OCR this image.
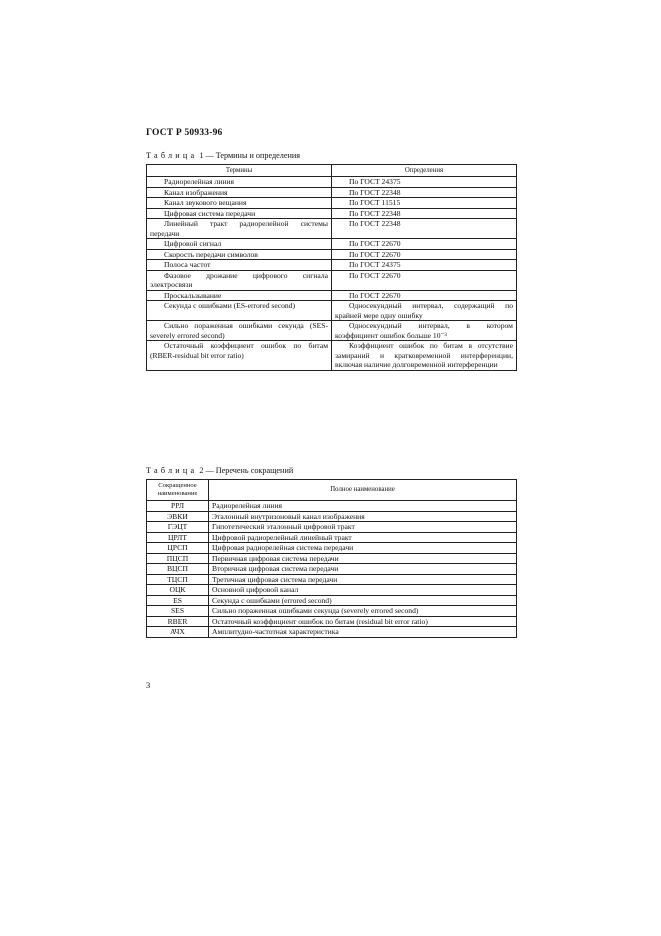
ГОСТ Р 50933-96
Таблица 1 — Термины и определения
Термины	Определения
Радиорелейная линия	По ГОСТ 24375
Канал изображения	По ГОСТ 22348
Канал звукового вещания	По ГОСТ 11515
Цифровая система передачи	По ГОСТ 22348
Линейный тракт радиорелейной системы передачи	По ГОСТ 22348
Цифровой сигнал	По ГОСТ 22670
Скорость передачи символов	По ГОСТ 22670
Полоса частот	По ГОСТ 24375
Фазовое дрожание цифрового сигнала электросвязи	По ГОСТ 22670
Проскальзывание	По ГОСТ 22670
Секунда с ошибками (ES-errored second)	Односекундный интервал, содержащий по крайней мере одну ошибку
Сильно пораженная ошибками секунда (SES-severely errored second)	Односекундный интервал, в котором коэффициент ошибок больше 10⁻³
Остаточный коэффициент ошибок по битам (RBER-residual bit error ratio)	Коэффициент ошибок по битам в отсутствие замираний и кратковременной интерференции, включая наличие долговременной интерференции
Таблица 2 — Перечень сокращений
Сокращенное наименование	Полное наименование
РРЛ	Радиорелейная линия
ЭВКИ	Эталонный внутризоновый канал изображения
ГЭЦТ	Гипотетический эталонный цифровой тракт
ЦРЛТ	Цифровой радиорелейный линейный тракт
ЦРСП	Цифровая радиорелейная система передачи
ПЦСП	Первичная цифровая система передачи
ВЦСП	Вторичная цифровая система передачи
ТЦСП	Третичная цифровая система передачи
ОЦК	Основной цифровой канал
ES	Секунда с ошибками (errored second)
SES	Сильно пораженная ошибками секунда (severely errored second)
RBER	Остаточный коэффициент ошибок по битам (residual bit error ratio)
АЧХ	Амплитудно-частотная характеристика
3
